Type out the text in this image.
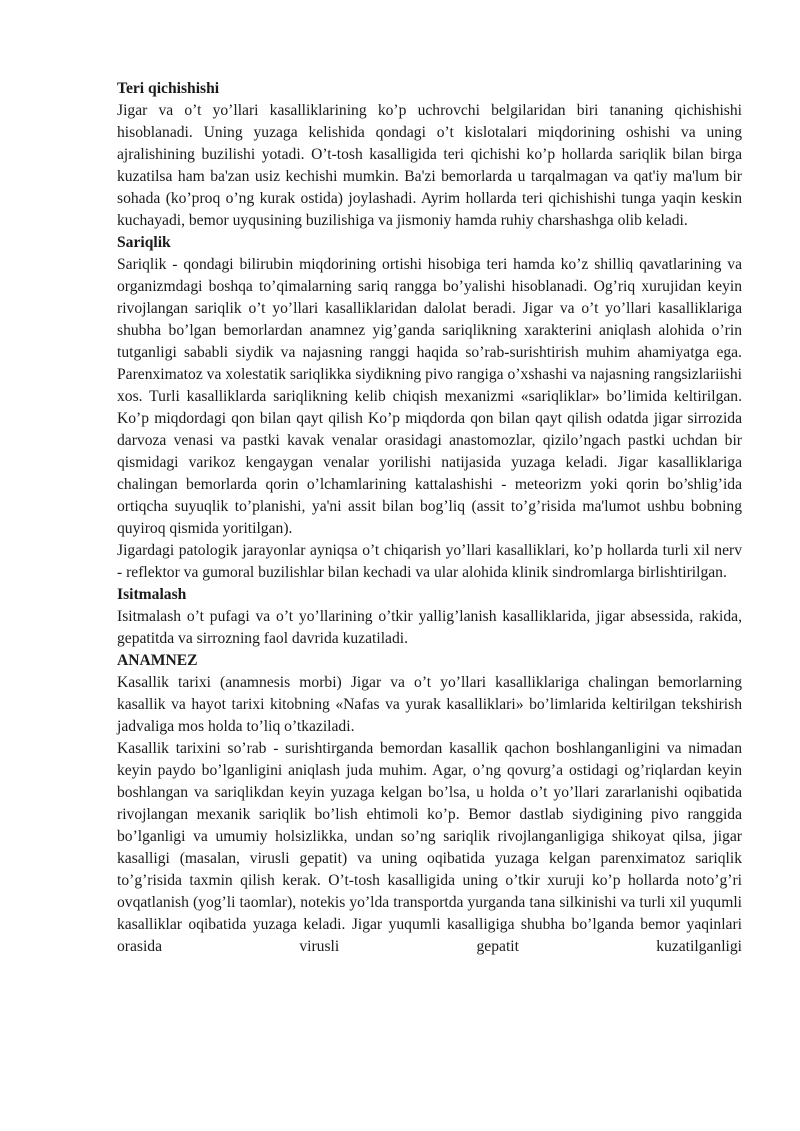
Teri qichishishi

Jigar va o’t yo’llari kasalliklarining ko’p uchrovchi belgilaridan biri tananing qichishishi hisoblanadi. Uning yuzaga kelishida qondagi o’t kislotalari miqdorining oshishi va uning ajralishining buzilishi yotadi. O’t-tosh kasalligida teri qichishi ko’p hollarda sariqlik bilan birga kuzatilsa ham ba'zan usiz kechishi mumkin. Ba'zi bemorlarda u tarqalmagan va qat'iy ma'lum bir sohada (ko’proq o’ng kurak ostida) joylashadi. Ayrim hollarda teri qichishishi tunga yaqin keskin kuchayadi, bemor uyqusining buzilishiga va jismoniy hamda ruhiy charshashga olib keladi.

Sariqlik

Sariqlik - qondagi bilirubin miqdorining ortishi hisobiga teri hamda ko’z shilliq qavatlarining va organizmdagi boshqa to’qimalarning sariq rangga bo’yalishi hisoblanadi. Og’riq xurujidan keyin rivojlangan sariqlik o’t yo’llari kasalliklaridan dalolat beradi. Jigar va o’t yo’llari kasalliklariga shubha bo’lgan bemorlardan anamnez yig’ganda sariqlikning xarakterini aniqlash alohida o’rin tutganligi sababli siydik va najasning ranggi haqida so’rab-surishtirish muhim ahamiyatga ega. Parenximatoz va xolestatik sariqlikka siydikning pivo rangiga o’xshashi va najasning rangsizlariishi xos. Turli kasalliklarda sariqlikning kelib chiqish mexanizmi «sariqliklar» bo’limida keltirilgan. Ko’p miqdordagi qon bilan qayt qilish Ko’p miqdorda qon bilan qayt qilish odatda jigar sirrozida darvoza venasi va pastki kavak venalar orasidagi anastomozlar, qizilo’ngach pastki uchdan bir qismidagi varikoz kengaygan venalar yorilishi natijasida yuzaga keladi. Jigar kasalliklariga chalingan bemorlarda qorin o’lchamlarining kattalashishi - meteorizm yoki qorin bo’shlig’ida ortiqcha suyuqlik to’planishi, ya'ni assit bilan bog’liq (assit to’g’risida ma'lumot ushbu bobning quyiroq qismida yoritilgan).

Jigardagi patologik jarayonlar ayniqsa o’t chiqarish yo’llari kasalliklari, ko’p hollarda turli xil nerv - reflektor va gumoral buzilishlar bilan kechadi va ular alohida klinik sindromlarga birlishtirilgan.

Isitmalash

Isitmalash o’t pufagi va o’t yo’llarining o’tkir yallig’lanish kasalliklarida, jigar absessida, rakida, gepatitda va sirrozning faol davrida kuzatiladi.

ANAMNEZ

Kasallik tarixi (anamnesis morbi) Jigar va o’t yo’llari kasalliklariga chalingan bemorlarning kasallik va hayot tarixi kitobning «Nafas va yurak kasalliklari» bo’limlarida keltirilgan tekshirish jadvaliga mos holda to’liq o’tkaziladi.

Kasallik tarixini so’rab - surishtirganda bemordan kasallik qachon boshlanganligini va nimadan keyin paydo bo’lganligini aniqlash juda muhim. Agar, o’ng qovurg’a ostidagi og’riqlardan keyin boshlangan va sariqlikdan keyin yuzaga kelgan bo’lsa, u holda o’t yo’llari zararlanishi oqibatida rivojlangan mexanik sariqlik bo’lish ehtimoli ko’p. Bemor dastlab siydigining pivo ranggida bo’lganligi va umumiy holsizlikka, undan so’ng sariqlik rivojlanganligiga shikoyat qilsa, jigar kasalligi (masalan, virusli gepatit) va uning oqibatida yuzaga kelgan parenximatoz sariqlik to’g’risida taxmin qilish kerak. O’t-tosh kasalligida uning o’tkir xuruji ko’p hollarda noto’g’ri ovqatlanish (yog’li taomlar), notekis yo’lda transportda yurganda tana silkinishi va turli xil yuqumli kasalliklar oqibatida yuzaga keladi. Jigar yuqumli kasalligiga shubha bo’lganda bemor yaqinlari orasida virusli gepatit kuzatilganligi
